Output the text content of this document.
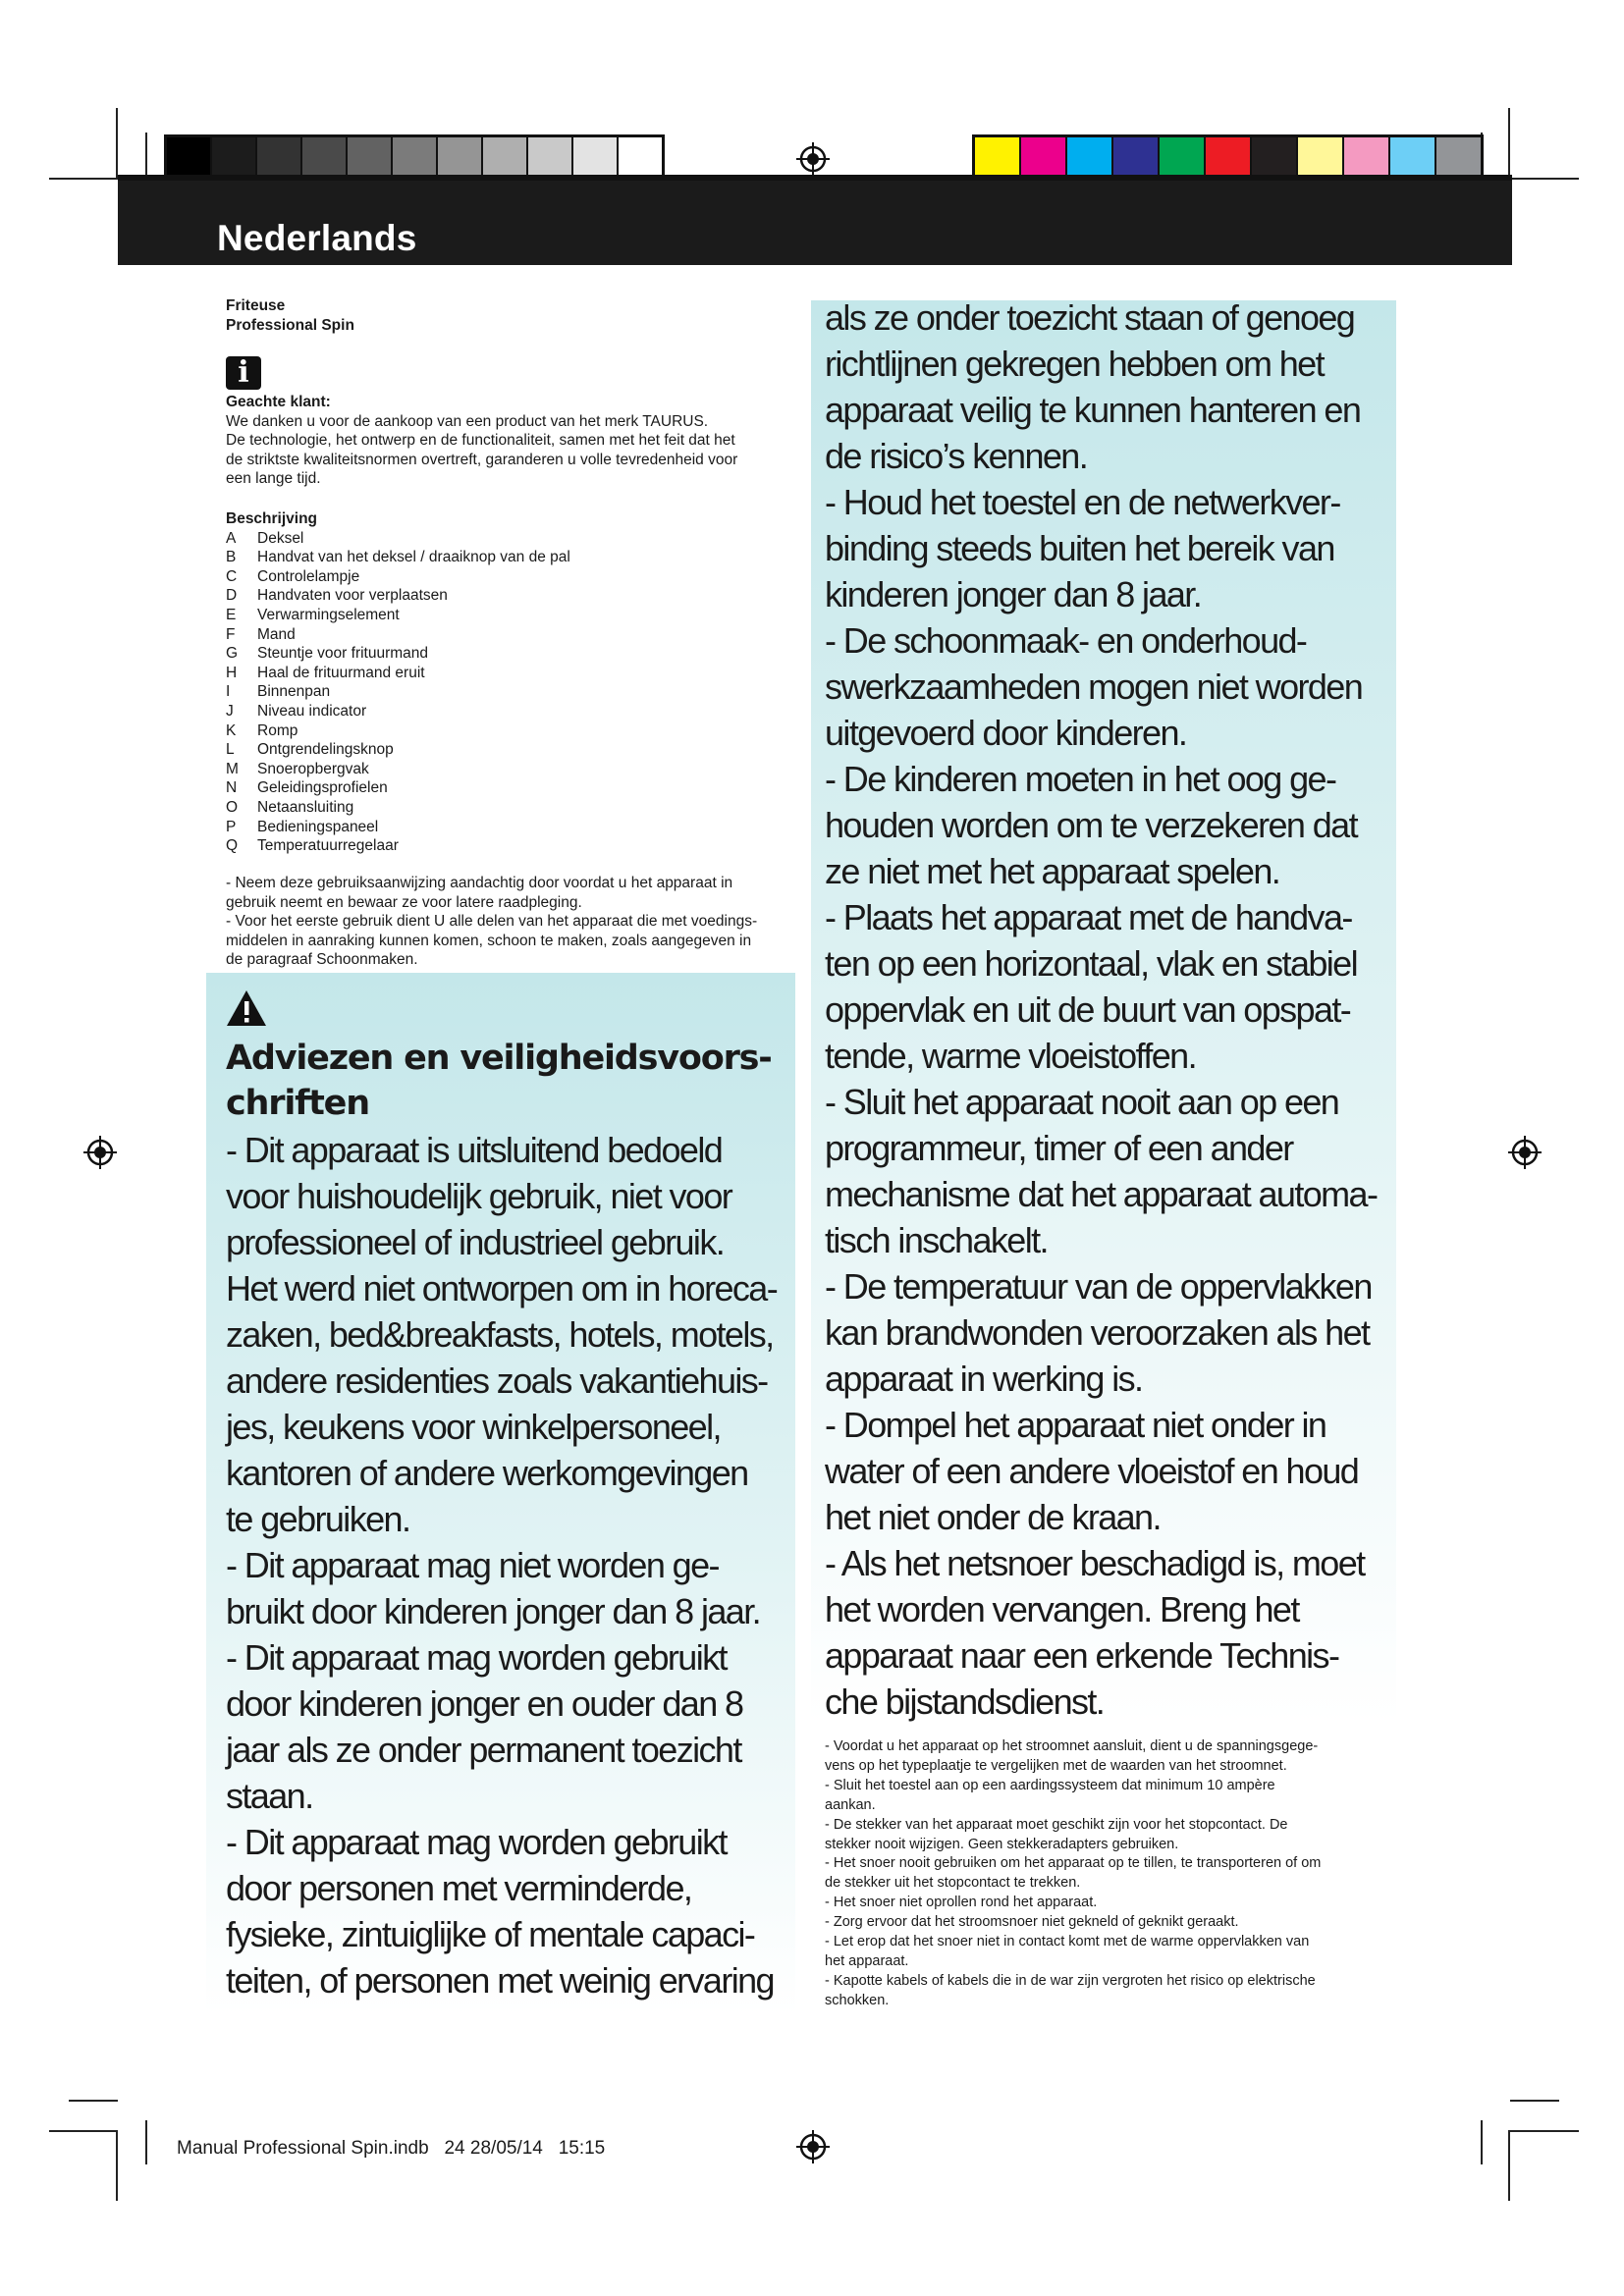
Nederlands
Friteuse
Professional Spin
i
Geachte klant:
We danken u voor de aankoop van een product van het merk TAURUS.
De technologie, het ontwerp en de functionaliteit, samen met het feit dat het
de striktste kwaliteitsnormen overtreft, garanderen u volle tevredenheid voor
een lange tijd.
Beschrijving
A	Deksel
B	Handvat van het deksel / draaiknop van de pal
C	Controlelampje
D	Handvaten voor verplaatsen
E	Verwarmingselement
F	Mand
G	Steuntje voor frituurmand
H	Haal de frituurmand eruit
I	Binnenpan
J	Niveau indicator
K	Romp
L	Ontgrendelingsknop
M	Snoeropbergvak
N	Geleidingsprofielen
O	Netaansluiting
P	Bedieningspaneel
Q	Temperatuurregelaar
- Neem deze gebruiksaanwijzing aandachtig door voordat u het apparaat in
gebruik neemt en bewaar ze voor latere raadpleging.
- Voor het eerste gebruik dient U alle delen van het apparaat die met voedings-
middelen in aanraking kunnen komen, schoon te maken, zoals aangegeven in
de paragraaf Schoonmaken.
Adviezen en veiligheidsvoors-
chriften

- Dit apparaat is uitsluitend bedoeld

voor huishoudelijk gebruik, niet voor

professioneel of industrieel gebruik.

Het werd niet ontworpen om in horeca-

zaken, bed&breakfasts, hotels, motels,

andere residenties zoals vakantiehuis-

jes, keukens voor winkelpersoneel,

kantoren of andere werkomgevingen

te gebruiken.

- Dit apparaat mag niet worden ge-

bruikt door kinderen jonger dan 8 jaar.

- Dit apparaat mag worden gebruikt

door kinderen jonger en ouder dan 8

jaar als ze onder permanent toezicht

staan.

- Dit apparaat mag worden gebruikt

door personen met verminderde,

fysieke, zintuiglijke of mentale capaci-

teiten, of personen met weinig ervaring

als ze onder toezicht staan of genoeg

richtlijnen gekregen hebben om het

apparaat veilig te kunnen hanteren en

de risico’s kennen.

- Houd het toestel en de netwerkver-

binding steeds buiten het bereik van

kinderen jonger dan 8 jaar.

- De schoonmaak- en onderhoud-

swerkzaamheden mogen niet worden

uitgevoerd door kinderen.

- De kinderen moeten in het oog ge-

houden worden om te verzekeren dat

ze niet met het apparaat spelen.

- Plaats het apparaat met de handva-

ten op een horizontaal, vlak en stabiel

oppervlak en uit de buurt van opspat-

tende, warme vloeistoffen.

- Sluit het apparaat nooit aan op een

programmeur, timer of een ander

mechanisme dat het apparaat automa-

tisch inschakelt.

- De temperatuur van de oppervlakken

kan brandwonden veroorzaken als het

apparaat in werking is.

- Dompel het apparaat niet onder in

water of een andere vloeistof en houd

het niet onder de kraan.

- Als het netsnoer beschadigd is, moet

het worden vervangen. Breng het

apparaat naar een erkende Technis-

che bijstandsdienst.

- Voordat u het apparaat op het stroomnet aansluit, dient u de spanningsgege-

vens op het typeplaatje te vergelijken met de waarden van het stroomnet.

- Sluit het toestel aan op een aardingssysteem dat minimum 10 ampère

aankan.

- De stekker van het apparaat moet geschikt zijn voor het stopcontact. De

stekker nooit wijzigen. Geen stekkeradapters gebruiken.

- Het snoer nooit gebruiken om het apparaat op te tillen, te transporteren of om

de stekker uit het stopcontact te trekken.

- Het snoer niet oprollen rond het apparaat.

- Zorg ervoor dat het stroomsnoer niet gekneld of geknikt geraakt.

- Let erop dat het snoer niet in contact komt met de warme oppervlakken van

het apparaat.

- Kapotte kabels of kabels die in de war zijn vergroten het risico op elektrische

schokken.

Manual Professional Spin.indb   24 28/05/14   15:15
